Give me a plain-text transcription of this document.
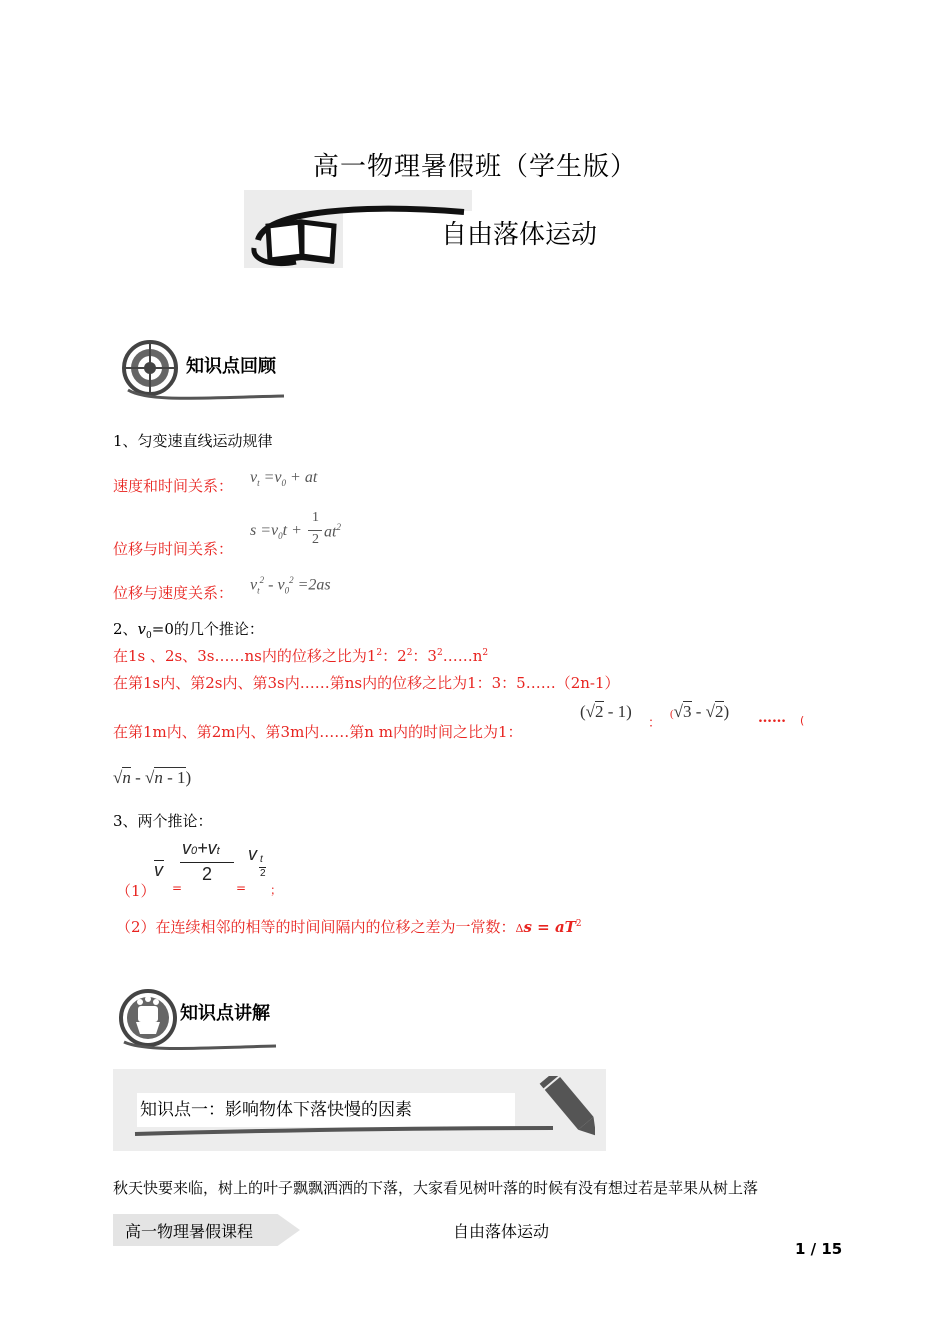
高一物理暑假班（学生版）
自由落体运动
知识点回顾
1、匀变速直线运动规律
速度和时间关系： $v_t =v_0$ + at
位移与时间关系：
$s =v_0t$ +
1
2 $at^2$
位移与速度关系： $v_t^2 - v_0^2 =2as$
2、$v_0=0$的几个推论：
在1s 、2s、3s……ns内的位移之比为$1^2$：$2^2$：$3^2\dots\dots n^2$
在第1s内、第2s内、第3s内……第ns内的位移之比为1：3：5……（2n-1）
在第1m内、第2m内、第3m内……第n m内的时间之比为1：
(√2 - 1)
：
(√3 - √2) …… (
√n - √n - 1)
3、两个推论：
v
v0+vt
2
v t
2
（1） =	= ；
（2）在连续相邻的相等的时间间隔内的位移之差为一常数：$\Delta s = aT^2$
知识点讲解
知识点一：影响物体下落快慢的因素
秋天快要来临，树上的叶子飘飘洒洒的下落，大家看见树叶落的时候有没有想过若是苹果从树上落
高一物理暑假课程	自由落体运动
1 / 15
